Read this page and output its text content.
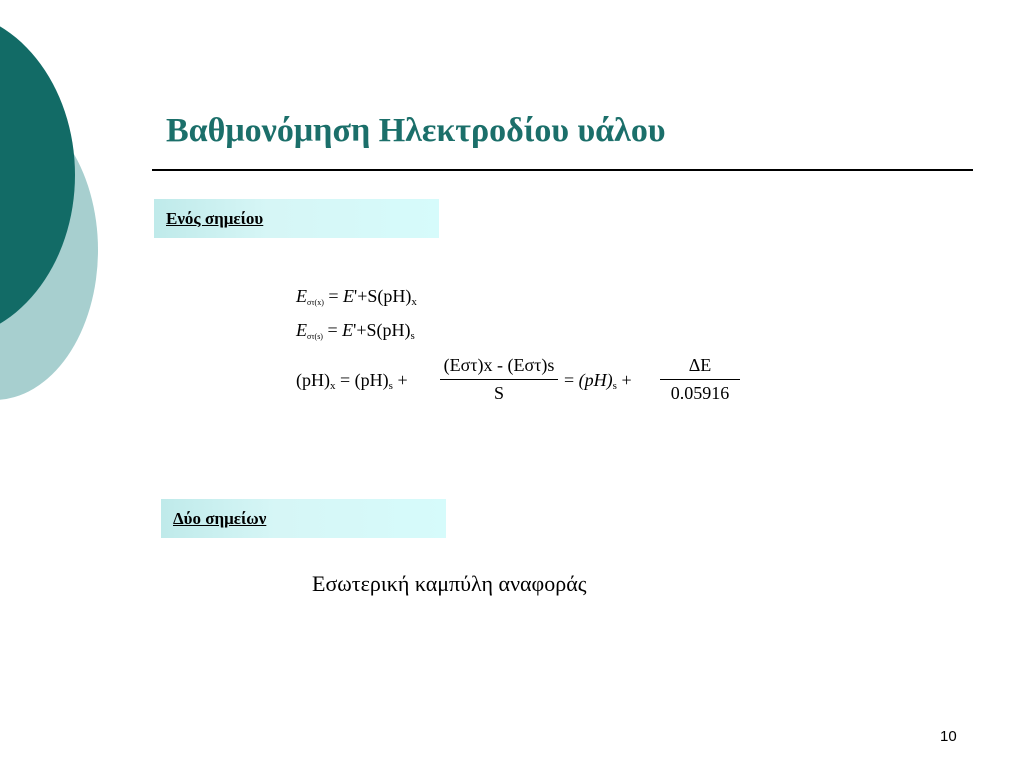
Βαθμονόμηση Ηλεκτροδίου υάλου
Ενός σημείου
$E\sigma\tau(x) = E'+S(pH)_x$
$E\sigma\tau(s) = E'+S(pH)_s$
$(pH)_x = (pH)_s$ +
(Eστ)x - (Eστ)s
S
= $(pH)_s$ +
ΔE
0.05916
Δύο σημείων
Εσωτερική καμπύλη αναφοράς
10
